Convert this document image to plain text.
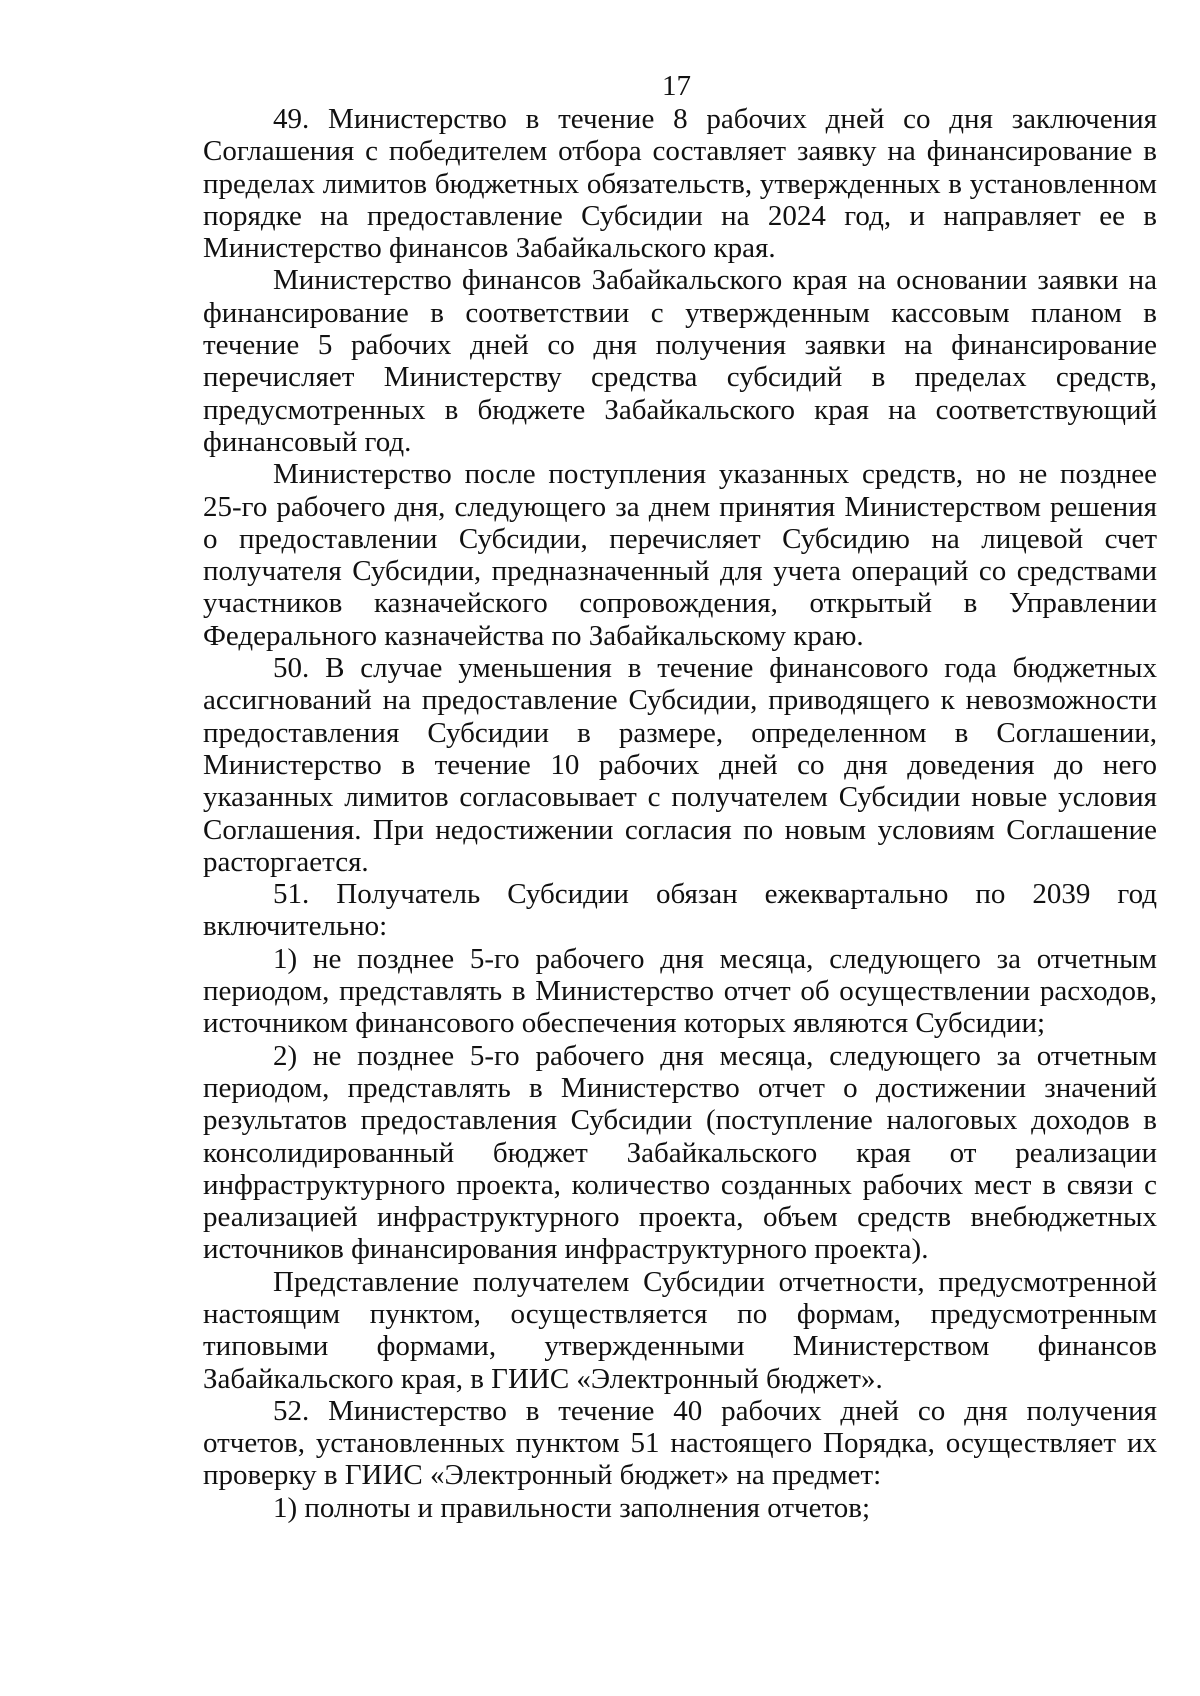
17

49. Министерство в течение 8 рабочих дней со дня заключения Соглашения с победителем отбора составляет заявку на финансирование в пределах лимитов бюджетных обязательств, утвержденных в установленном порядке на предоставление Субсидии на 2024 год, и направляет ее в Министерство финансов Забайкальского края.

Министерство финансов Забайкальского края на основании заявки на финансирование в соответствии с утвержденным кассовым планом в течение 5 рабочих дней со дня получения заявки на финансирование перечисляет Министерству средства субсидий в пределах средств, предусмотренных в бюджете Забайкальского края на соответствующий финансовый год.

Министерство после поступления указанных средств, но не позднее 25-го рабочего дня, следующего за днем принятия Министерством решения о предоставлении Субсидии, перечисляет Субсидию на лицевой счет получателя Субсидии, предназначенный для учета операций со средствами участников казначейского сопровождения, открытый в Управлении Федерального казначейства по Забайкальскому краю.

50. В случае уменьшения в течение финансового года бюджетных ассигнований на предоставление Субсидии, приводящего к невозможности предоставления Субсидии в размере, определенном в Соглашении, Министерство в течение 10 рабочих дней со дня доведения до него указанных лимитов согласовывает с получателем Субсидии новые условия Соглашения. При недостижении согласия по новым условиям Соглашение расторгается.

51. Получатель Субсидии обязан ежеквартально по 2039 год включительно:

1) не позднее 5-го рабочего дня месяца, следующего за отчетным периодом, представлять в Министерство отчет об осуществлении расходов, источником финансового обеспечения которых являются Субсидии;

2) не позднее 5-го рабочего дня месяца, следующего за отчетным периодом, представлять в Министерство отчет о достижении значений результатов предоставления Субсидии (поступление налоговых доходов в консолидированный бюджет Забайкальского края от реализации инфраструктурного проекта, количество созданных рабочих мест в связи с реализацией инфраструктурного проекта, объем средств внебюджетных источников финансирования инфраструктурного проекта).

Представление получателем Субсидии отчетности, предусмотренной настоящим пунктом, осуществляется по формам, предусмотренным типовыми формами, утвержденными Министерством финансов Забайкальского края, в ГИИС «Электронный бюджет».

52. Министерство в течение 40 рабочих дней со дня получения отчетов, установленных пунктом 51 настоящего Порядка, осуществляет их проверку в ГИИС «Электронный бюджет» на предмет:

1) полноты и правильности заполнения отчетов;
